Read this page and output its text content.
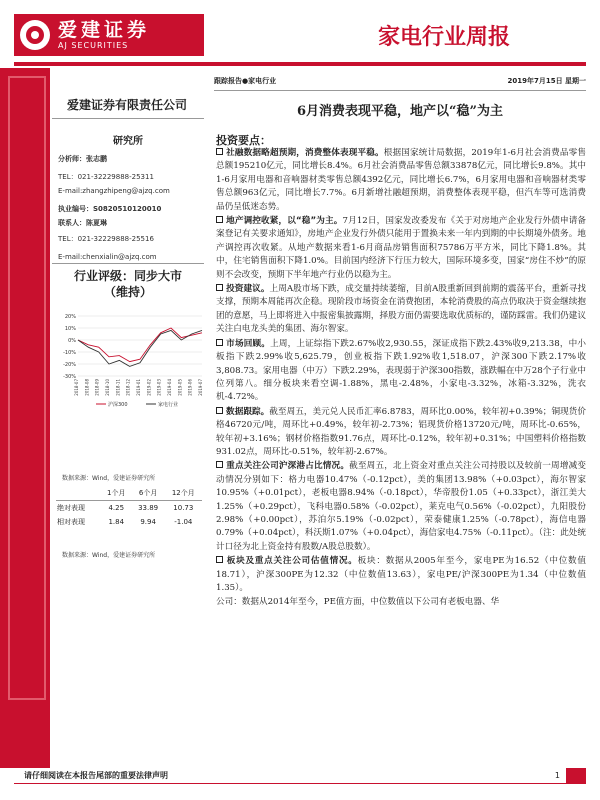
爱建证券
AJ SECURITIES	家电行业周报
爱建证券有限责任公司
研究所
分析师：张志鹏
TEL：021-32229888-25311
E-mail:zhangzhipeng@ajzq.com
执业编号：S0820510120010
联系人：陈夏琳
TEL：021-32229888-25516
E-mail:chenxialin@ajzq.com
行业评级：同步大市
（维持）
20%
10%
0%
-10%
-20%
-30%
2018-07 2018-08 2018-09 2018-10 2018-11 2018-12 2019-01 2019-02 2019-03 2019-04 2019-05 2019-06 2019-07
沪深300	家电行业
数据来源：Wind，爱建证券研究所
	1个月	6个月	12个月
绝对表现	4.25	33.89	10.73
相对表现	1.84	9.94	-1.04
数据来源：Wind，爱建证券研究所
跟踪报告●家电行业	2019年7月15日 星期一
6月消费表现平稳，地产以“稳”为主
投资要点：
社融数据略超预期，消费整体表现平稳。根据国家统计局数据，2019年1-6月社会消费品零售总额195210亿元，同比增长8.4%。6月社会消费品零售总额33878亿元，同比增长9.8%。其中1-6月家用电器和音响器材类零售总额4392亿元，同比增长6.7%，6月家用电器和音响器材类零售总额963亿元，同比增长7.7%。6月新增社融超预期，消费整体表现平稳，但汽车等可选消费品仍呈低迷态势。
地产调控收紧，以“稳”为主。7月12日，国家发改委发布《关于对房地产企业发行外债申请备案登记有关要求通知》，房地产企业发行外债只能用于置换未来一年内到期的中长期境外债务。地产调控再次收紧。从地产数据来看1-6月商品房销售面积75786万平方米，同比下降1.8%。其中，住宅销售面积下降1.0%。目前国内经济下行压力较大，国际环境多变，国家“房住不炒”的原则不会改变，预期下半年地产行业仍以稳为主。
投资建议。上周A股市场下跌，成交量持续萎缩，目前A股重新回到前期的震荡平台，重新寻找支撑，预期本周能再次企稳。现阶段市场资金在消费抱团，本轮消费股的高点仍取决于资金继续抱团的意愿，马上即将进入中报密集披露期，择股方面仍需要选取优质标的，谨防踩雷。我们仍建议关注白电龙头美的集团、海尔智家。
市场回顾。上周，上证综指下跌2.67%收2,930.55，深证成指下跌2.43%收9,213.38，中小板指下跌2.99%收5,625.79，创业板指下跌1.92%收1,518.07，沪深300下跌2.17%收3,808.73。家用电器（中万）下跌2.29%，表现弱于沪深300指数，涨跌幅在中万28个子行业中位列第八。细分板块来看空调-1.88%，黑电-2.48%，小家电-3.32%，冰箱-3.32%，洗衣机-4.72%。
数据跟踪。截至周五，美元兑人民币汇率6.8783，周环比0.00%，较年初+0.39%；铜现货价格46720元/吨，周环比+0.49%，较年初-2.73%；铝现货价格13720元/吨，周环比-0.65%，较年初+3.16%；钢材价格指数91.76点，周环比-0.12%，较年初+0.31%；中国塑料价格指数931.02点，周环比-0.51%，较年初-2.67%。
重点关注公司沪深港占比情况。截至周五，北上资金对重点关注公司持股以及较前一周增减变动情况分别如下：格力电器10.47%（-0.12pct），美的集团13.98%（+0.03pct），海尔智家10.95%（+0.01pct），老板电器8.94%（-0.18pct），华帝股份1.05（+0.33pct），浙江美大1.25%（+0.29pct），飞科电器0.58%（-0.02pct），莱克电气0.56%（-0.02pct），九阳股份2.98%（+0.00pct），苏泊尔5.19%（-0.02pct），荣泰健康1.25%（-0.78pct），海信电器0.79%（+0.04pct），科沃斯1.07%（+0.04pct），海信家电4.75%（-0.11pct）。（注：此处统计口径为北上资金持有股数/A股总股数）。
板块及重点关注公司估值情况。板块：数据从2005年至今，家电PE为16.52（中位数值18.71），沪深300PE为12.32（中位数值13.63），家电PE/沪深300PE为1.34（中位数值1.35）。
公司：数据从2014年至今，PE值方面，中位数值以下公司有老板电器、华
请仔细阅读在本报告尾部的重要法律声明	1
